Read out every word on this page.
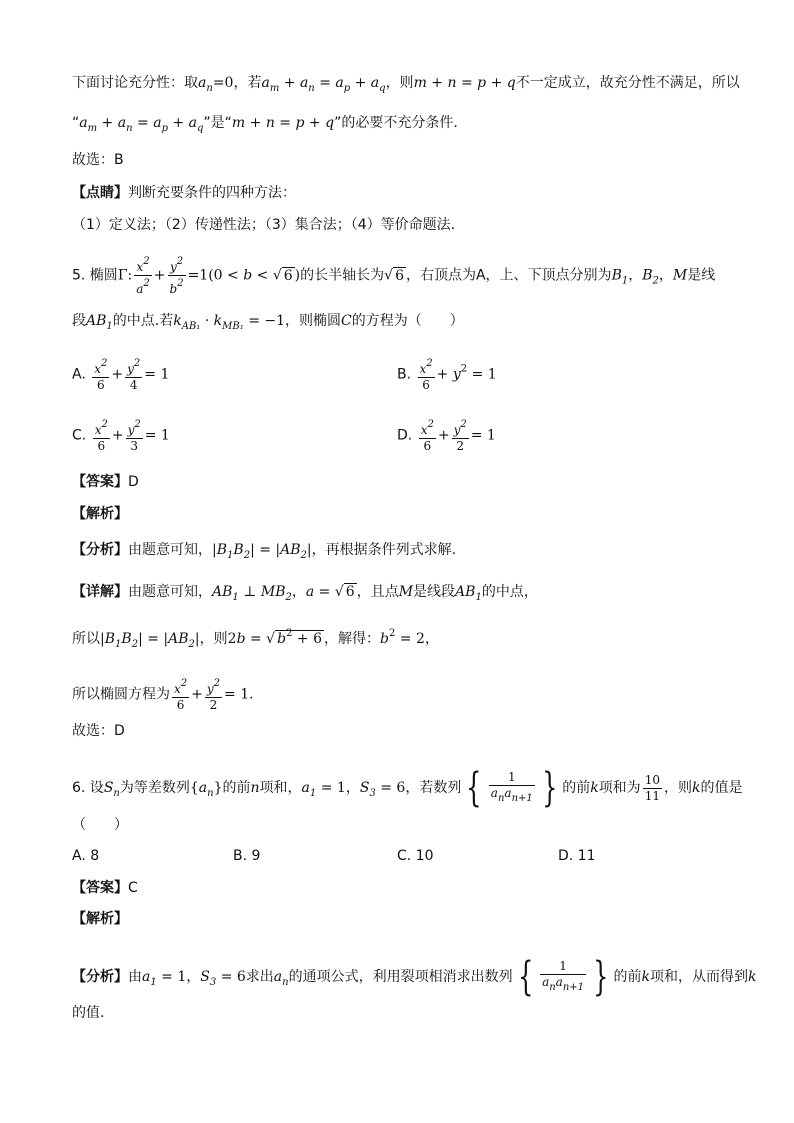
下面讨论充分性：取$a_n=0$，若$a_m + a_n = a_p + a_q$，则m + n = p + q不一定成立，故充分性不满足，所以
“$a_m + a_n = a_p + a_q$”是“m + n = p + q”的必要不充分条件.
故选：B
【点睛】判断充要条件的四种方法：
（1）定义法；（2）传递性法；（3）集合法；（4）等价命题法.
5. 椭圆Γ: $\frac{x^2}{a^2} + \frac{y^2}{b^2} =1(0 < b$ < √ 6 )的长半轴长为√ 6 ，右顶点为A，上、下顶点分别为$B_1$，$B_2$，M是线
段$AB_1$的中点.若$k_{AB_1} \cdot k_{MB_1} = -1$，则椭圆C的方程为（　　）
A. $\frac{x^2}{6} + \frac{y^2}{4} = 1$	B. $\frac{x^2}{6} + y^2 = 1$
C. $\frac{x^2}{6} + \frac{y^2}{3} = 1$	D. $\frac{x^2}{6} + \frac{y^2}{2} = 1$
【答案】D
【解析】
【分析】由题意可知，$|B_1B_2| = |AB_2|$，再根据条件列式求解.
【详解】由题意可知，$AB_1$ ⊥ $MB_2$，a = √ 6 ，且点M是线段$AB_1$的中点，
所以$|B_1B_2| = |AB_2|$，则2b = √ $b^2 + 6$ ，解得：$b^2 = 2$，
所以椭圆方程为 $\frac{x^2}{6} + \frac{y^2}{2} = 1$.
故选：D
6. 设$S_n$为等差数列$\{a_n\}$的前n项和，$a_1 = 1$，$S_3 = 6$，若数列 { $\frac{1}{a_na_{n+1}}$ } 的前k项和为 $\frac{10}{11}$ ，则k的值是
（　　）
A. 8	B. 9	C. 10	D. 11
【答案】C
【解析】
【分析】由$a_1 = 1$，$S_3 = 6$求出$a_n$的通项公式，利用裂项相消求出数列 { $\frac{1}{a_na_{n+1}}$ } 的前k项和，从而得到k
的值.
